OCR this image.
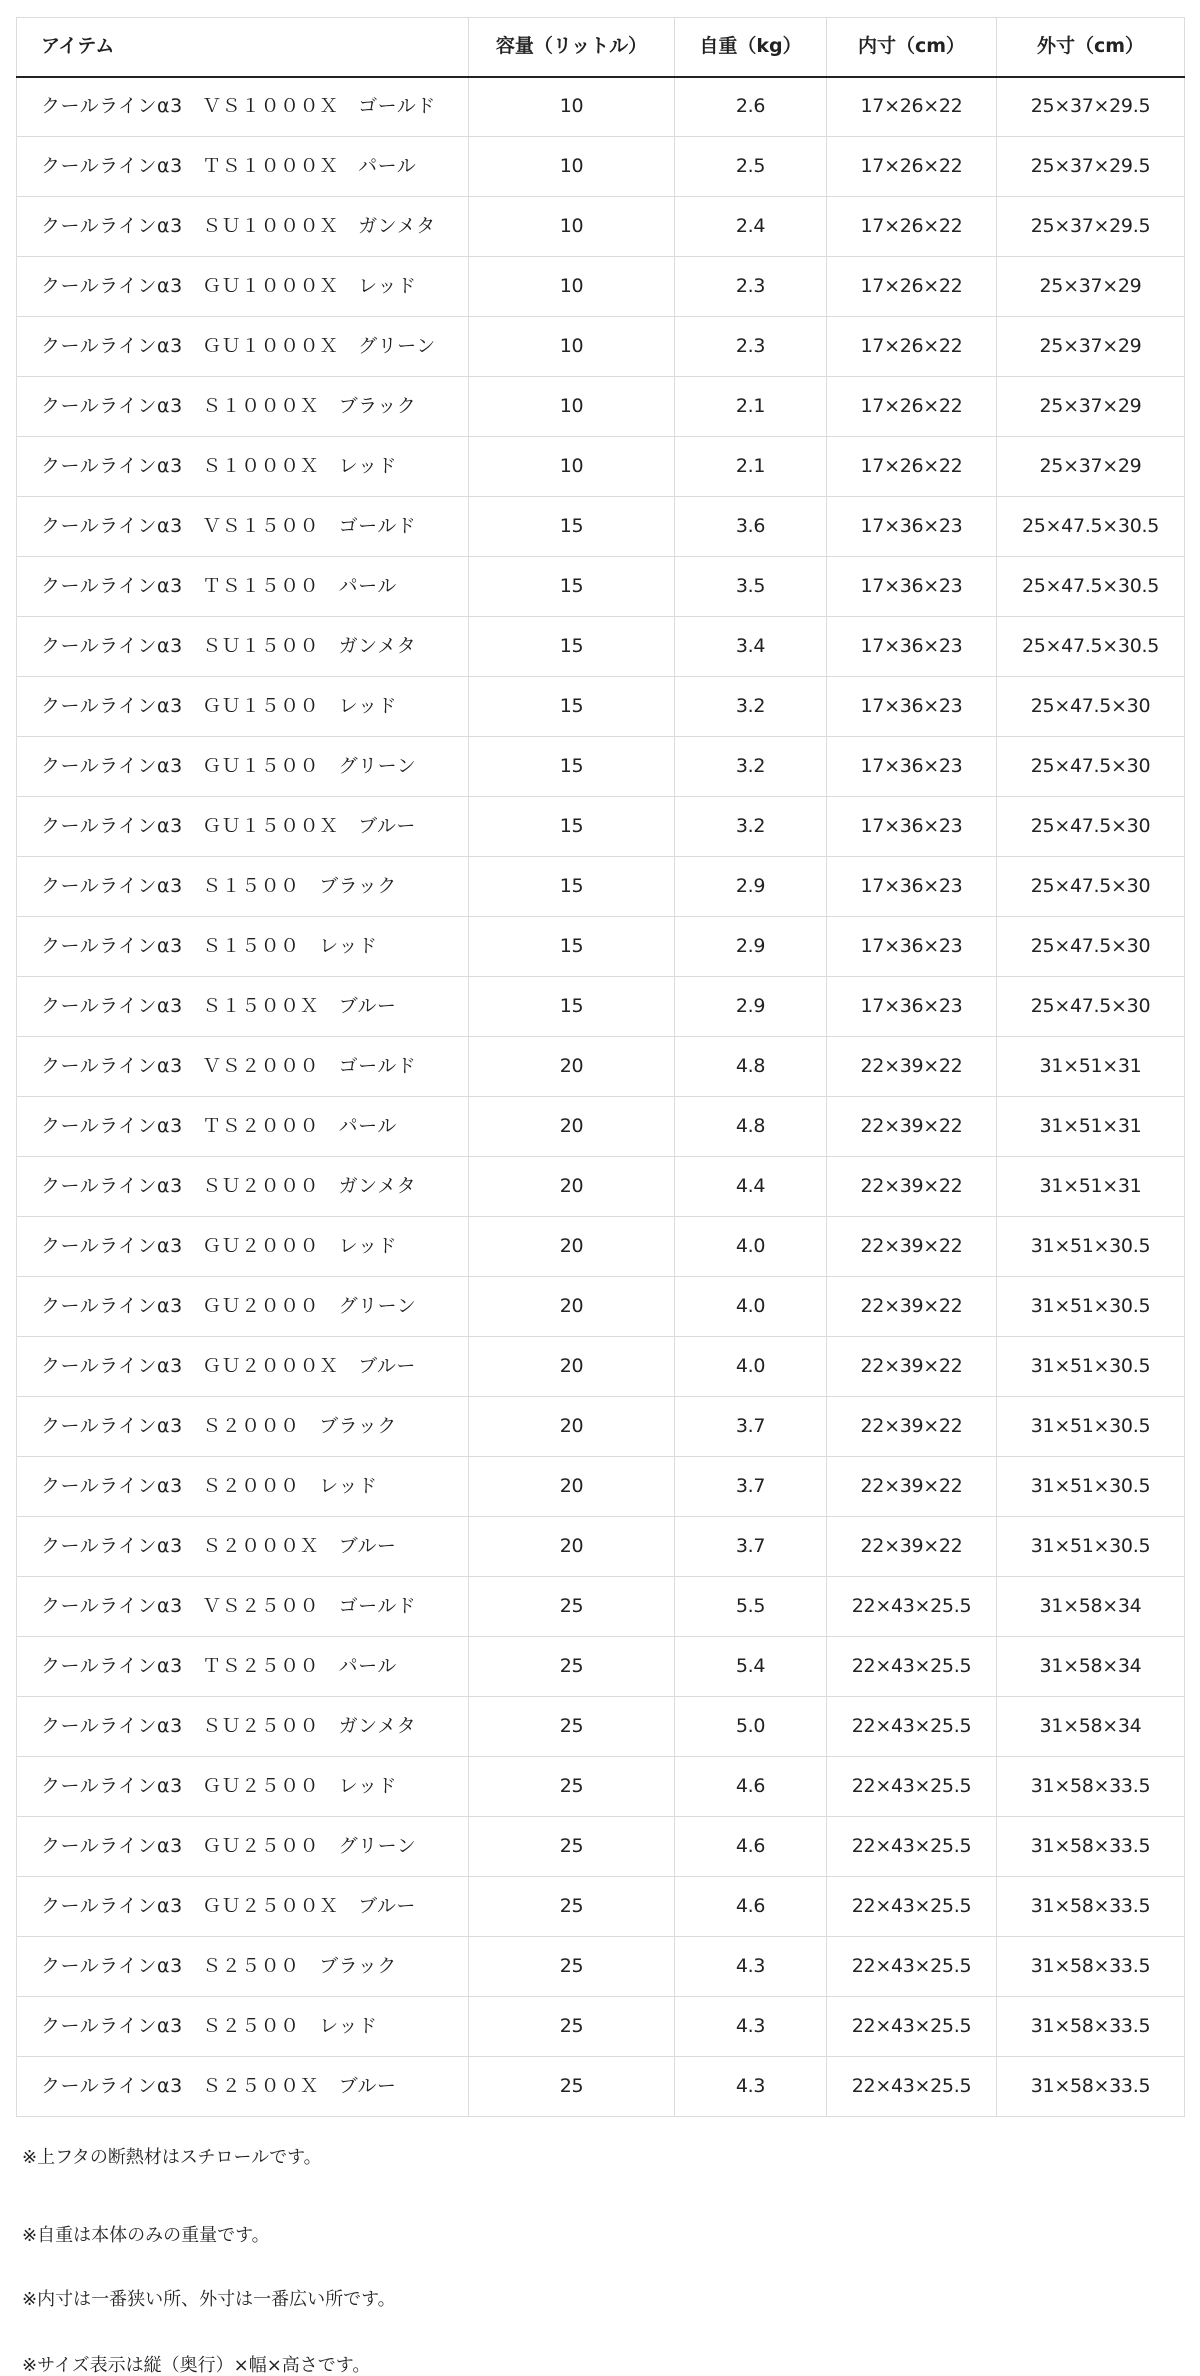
アイテム	容量（リットル）	自重（kg）	内寸（cm）	外寸（cm）
クールラインα3　ＶＳ１０００Ｘ　ゴールド	10	2.6	17×26×22	25×37×29.5
クールラインα3　ＴＳ１０００Ｘ　パール	10	2.5	17×26×22	25×37×29.5
クールラインα3　ＳＵ１０００Ｘ　ガンメタ	10	2.4	17×26×22	25×37×29.5
クールラインα3　ＧＵ１０００Ｘ　レッド	10	2.3	17×26×22	25×37×29
クールラインα3　ＧＵ１０００Ｘ　グリーン	10	2.3	17×26×22	25×37×29
クールラインα3　Ｓ１０００Ｘ　ブラック	10	2.1	17×26×22	25×37×29
クールラインα3　Ｓ１０００Ｘ　レッド	10	2.1	17×26×22	25×37×29
クールラインα3　ＶＳ１５００　ゴールド	15	3.6	17×36×23	25×47.5×30.5
クールラインα3　ＴＳ１５００　パール	15	3.5	17×36×23	25×47.5×30.5
クールラインα3　ＳＵ１５００　ガンメタ	15	3.4	17×36×23	25×47.5×30.5
クールラインα3　ＧＵ１５００　レッド	15	3.2	17×36×23	25×47.5×30
クールラインα3　ＧＵ１５００　グリーン	15	3.2	17×36×23	25×47.5×30
クールラインα3　ＧＵ１５００Ｘ　ブルー	15	3.2	17×36×23	25×47.5×30
クールラインα3　Ｓ１５００　ブラック	15	2.9	17×36×23	25×47.5×30
クールラインα3　Ｓ１５００　レッド	15	2.9	17×36×23	25×47.5×30
クールラインα3　Ｓ１５００Ｘ　ブルー	15	2.9	17×36×23	25×47.5×30
クールラインα3　ＶＳ２０００　ゴールド	20	4.8	22×39×22	31×51×31
クールラインα3　ＴＳ２０００　パール	20	4.8	22×39×22	31×51×31
クールラインα3　ＳＵ２０００　ガンメタ	20	4.4	22×39×22	31×51×31
クールラインα3　ＧＵ２０００　レッド	20	4.0	22×39×22	31×51×30.5
クールラインα3　ＧＵ２０００　グリーン	20	4.0	22×39×22	31×51×30.5
クールラインα3　ＧＵ２０００Ｘ　ブルー	20	4.0	22×39×22	31×51×30.5
クールラインα3　Ｓ２０００　ブラック	20	3.7	22×39×22	31×51×30.5
クールラインα3　Ｓ２０００　レッド	20	3.7	22×39×22	31×51×30.5
クールラインα3　Ｓ２０００Ｘ　ブルー	20	3.7	22×39×22	31×51×30.5
クールラインα3　ＶＳ２５００　ゴールド	25	5.5	22×43×25.5	31×58×34
クールラインα3　ＴＳ２５００　パール	25	5.4	22×43×25.5	31×58×34
クールラインα3　ＳＵ２５００　ガンメタ	25	5.0	22×43×25.5	31×58×34
クールラインα3　ＧＵ２５００　レッド	25	4.6	22×43×25.5	31×58×33.5
クールラインα3　ＧＵ２５００　グリーン	25	4.6	22×43×25.5	31×58×33.5
クールラインα3　ＧＵ２５００Ｘ　ブルー	25	4.6	22×43×25.5	31×58×33.5
クールラインα3　Ｓ２５００　ブラック	25	4.3	22×43×25.5	31×58×33.5
クールラインα3　Ｓ２５００　レッド	25	4.3	22×43×25.5	31×58×33.5
クールラインα3　Ｓ２５００Ｘ　ブルー	25	4.3	22×43×25.5	31×58×33.5

※上フタの断熱材はスチロールです。

※自重は本体のみの重量です。

※内寸は一番狭い所、外寸は一番広い所です。

※サイズ表示は縦（奥行）×幅×高さです。
